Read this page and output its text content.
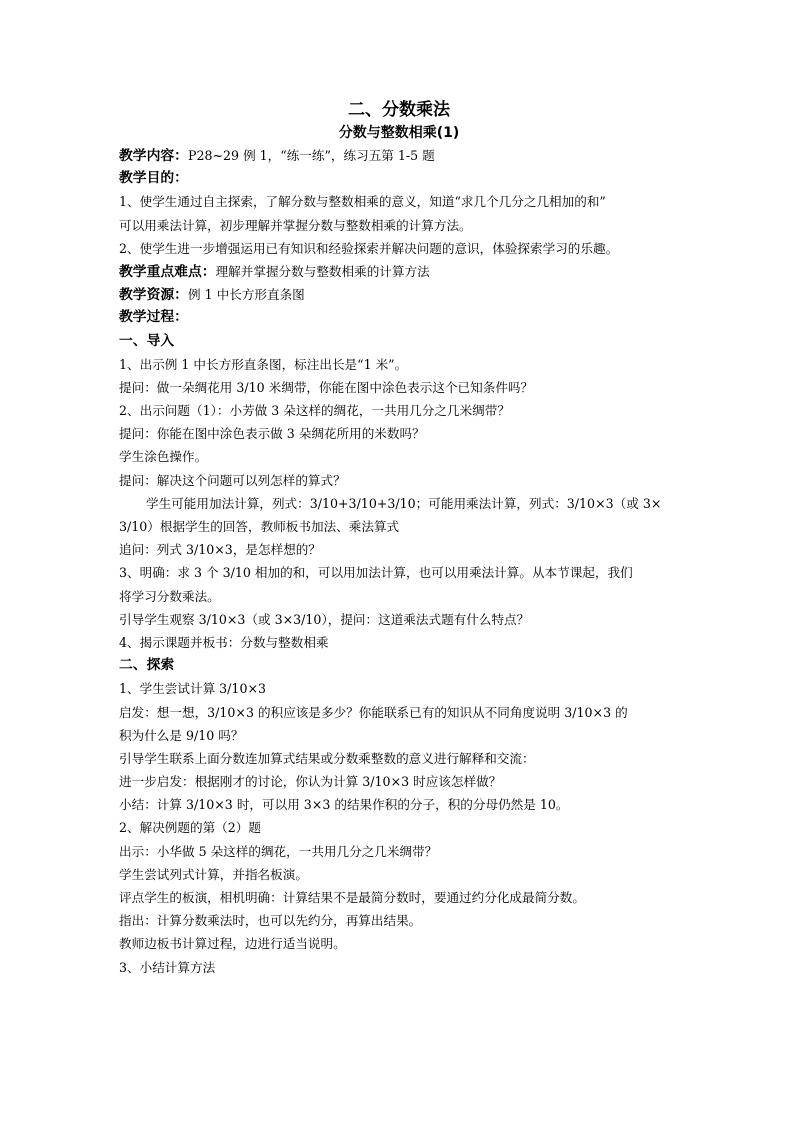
二、分数乘法
分数与整数相乘(1)
教学内容：P28~29 例 1，“练一练”，练习五第 1-5 题
教学目的：
1、使学生通过自主探索，了解分数与整数相乘的意义，知道“求几个几分之几相加的和”
可以用乘法计算，初步理解并掌握分数与整数相乘的计算方法。
2、使学生进一步增强运用已有知识和经验探索并解决问题的意识，体验探索学习的乐趣。
教学重点难点：理解并掌握分数与整数相乘的计算方法
教学资源：例 1 中长方形直条图
教学过程：
一、导入
1、出示例 1 中长方形直条图，标注出长是“1 米”。
提问：做一朵绸花用 3/10 米绸带，你能在图中涂色表示这个已知条件吗？
2、出示问题（1）：小芳做 3 朵这样的绸花，一共用几分之几米绸带？
提问：你能在图中涂色表示做 3 朵绸花所用的米数吗？
学生涂色操作。
提问：解决这个问题可以列怎样的算式？
学生可能用加法计算，列式：3/10+3/10+3/10；可能用乘法计算，列式：3/10×3（或 3×
3/10）根据学生的回答，教师板书加法、乘法算式
追问：列式 3/10×3，是怎样想的？
3、明确：求 3 个 3/10 相加的和，可以用加法计算，也可以用乘法计算。从本节课起，我们
将学习分数乘法。
引导学生观察 3/10×3（或 3×3/10），提问：这道乘法式题有什么特点？
4、揭示课题并板书：分数与整数相乘
二、探索
1、学生尝试计算 3/10×3
启发：想一想，3/10×3 的积应该是多少？你能联系已有的知识从不同角度说明 3/10×3 的
积为什么是 9/10 吗？
引导学生联系上面分数连加算式结果或分数乘整数的意义进行解释和交流：
进一步启发：根据刚才的讨论，你认为计算 3/10×3 时应该怎样做？
小结：计算 3/10×3 时，可以用 3×3 的结果作积的分子，积的分母仍然是 10。
2、解决例题的第（2）题
出示：小华做 5 朵这样的绸花，一共用几分之几米绸带？
学生尝试列式计算，并指名板演。
评点学生的板演，相机明确：计算结果不是最简分数时，要通过约分化成最简分数。
指出：计算分数乘法时，也可以先约分，再算出结果。
教师边板书计算过程，边进行适当说明。
3、小结计算方法
